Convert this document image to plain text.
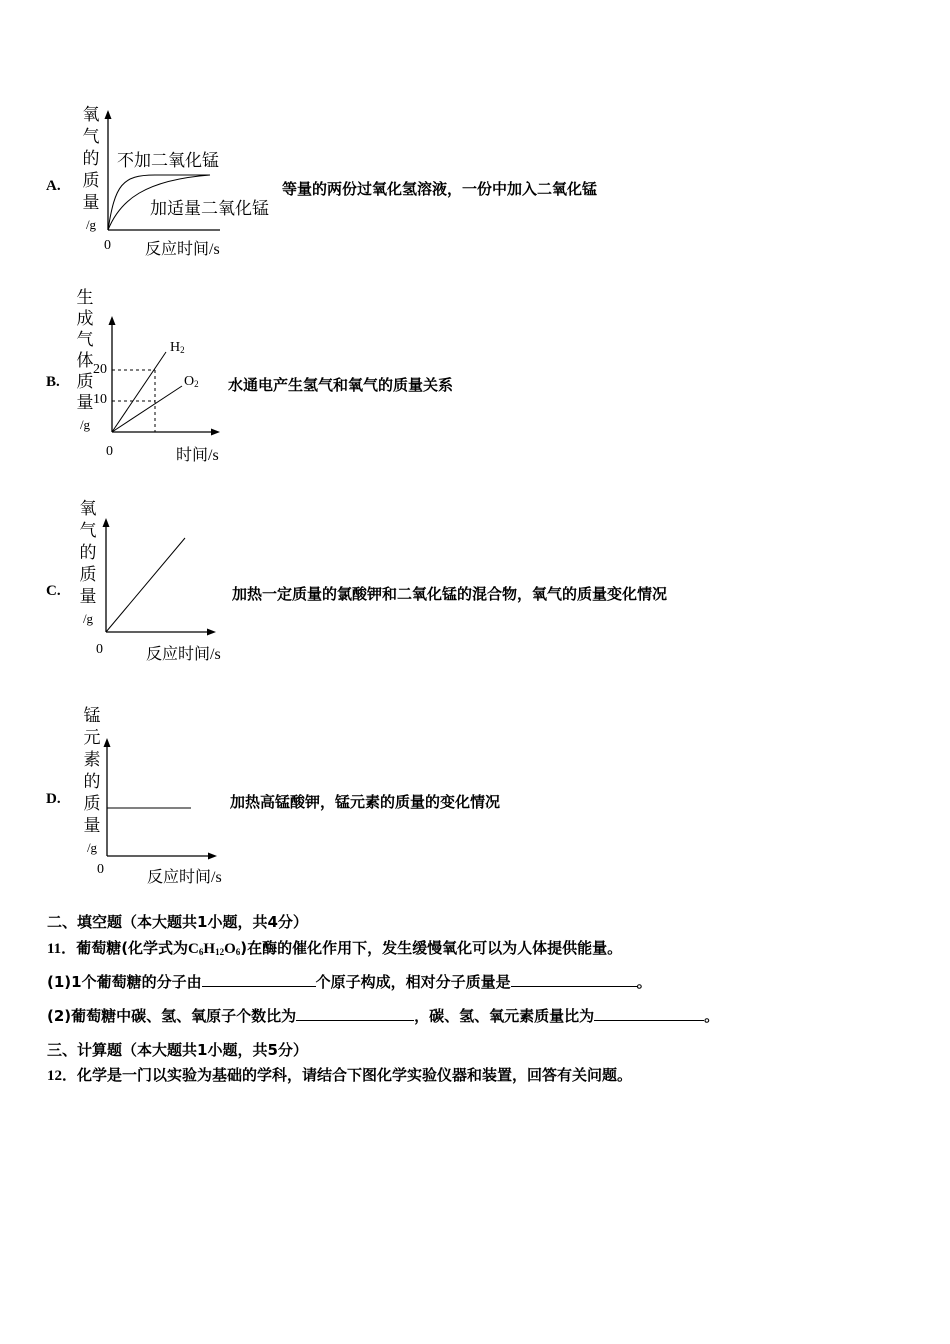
A.
氧
气
的
质
量
/g
0 反应时间/s
不加二氧化锰
加适量二氧化锰
等量的两份过氧化氢溶液，一份中加入二氧化锰
B.
生
成
气
体
质
量
/g
20
10
$H_2$
$O_2$
0	时间/s
水通电产生氢气和氧气的质量关系
C.
氧
气
的
质
量
/g
0	反应时间/s
加热一定质量的氯酸钾和二氧化锰的混合物，氧气的质量变化情况
D.
锰
元
素
的
质
量
/g
0	反应时间/s
加热高锰酸钾，锰元素的质量的变化情况
二、填空题（本大题共1小题，共4分）
11．葡萄糖(化学式为$C_6H_{12}O_6$)在酶的催化作用下，发生缓慢氧化可以为人体提供能量。
(1)1个葡萄糖的分子由	个原子构成，相对分子质量是	。
(2)葡萄糖中碳、氢、氧原子个数比为	，碳、氢、氧元素质量比为	。
三、计算题（本大题共1小题，共5分）
12．化学是一门以实验为基础的学科，请结合下图化学实验仪器和装置，回答有关问题。
